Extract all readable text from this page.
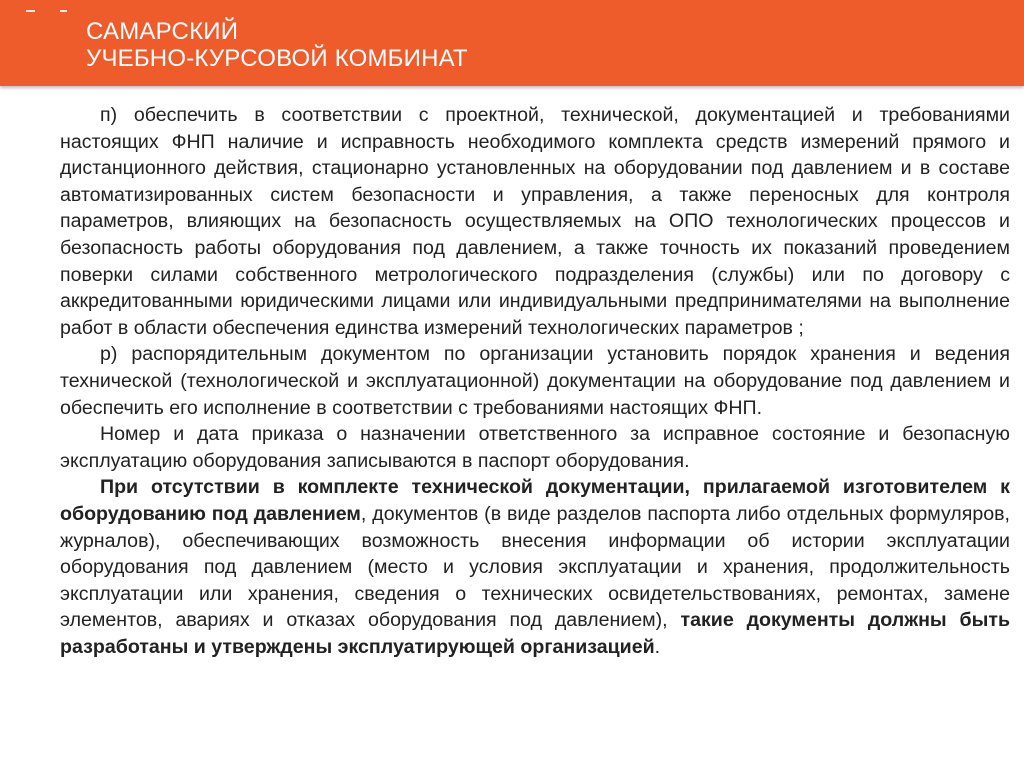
САМАРСКИЙ
УЧЕБНО-КУРСОВОЙ КОМБИНАТ

п) обеспечить в соответствии с проектной, технической, документацией и требованиями настоящих ФНП наличие и исправность необходимого комплекта средств измерений прямого и дистанционного действия, стационарно установленных на оборудовании под давлением и в составе автоматизированных систем безопасности и управления, а также переносных для контроля параметров, влияющих на безопасность осуществляемых на ОПО технологических процессов и безопасность работы оборудования под давлением, а также точность их показаний проведением поверки силами собственного метрологического подразделения (службы) или по договору с аккредитованными юридическими лицами или индивидуальными предпринимателями на выполнение работ в области обеспечения единства измерений технологических параметров ;

р) распорядительным документом по организации установить порядок хранения и ведения технической (технологической и эксплуатационной) документации на оборудование под давлением и обеспечить его исполнение в соответствии с требованиями настоящих ФНП.

Номер и дата приказа о назначении ответственного за исправное состояние и безопасную эксплуатацию оборудования записываются в паспорт оборудования.

При отсутствии в комплекте технической документации, прилагаемой изготовителем к оборудованию под давлением, документов (в виде разделов паспорта либо отдельных формуляров, журналов), обеспечивающих возможность внесения информации об истории эксплуатации оборудования под давлением (место и условия эксплуатации и хранения, продолжительность эксплуатации или хранения, сведения о технических освидетельствованиях, ремонтах, замене элементов, авариях и отказах оборудования под давлением), такие документы должны быть разработаны и утверждены эксплуатирующей организацией.
